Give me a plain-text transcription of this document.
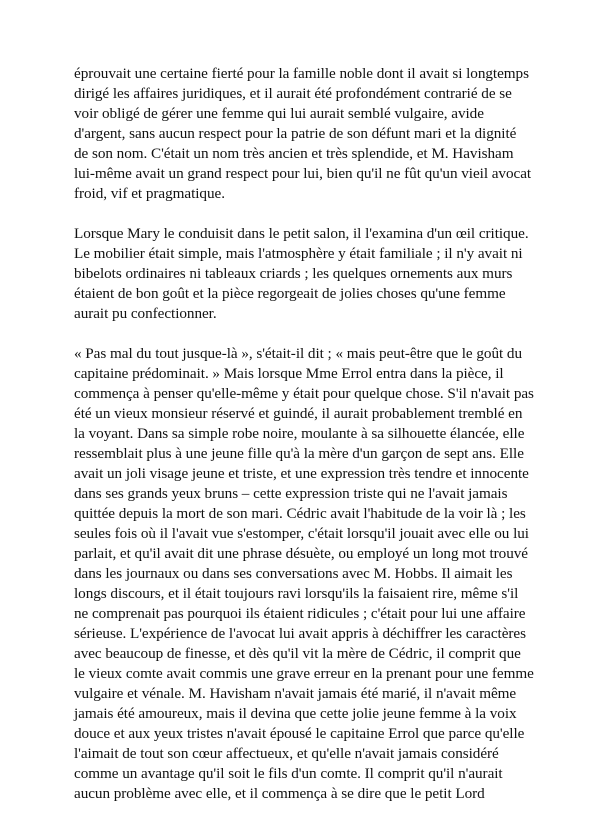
éprouvait une certaine fierté pour la famille noble dont il avait si longtemps
dirigé les affaires juridiques, et il aurait été profondément contrarié de se
voir obligé de gérer une femme qui lui aurait semblé vulgaire, avide
d'argent, sans aucun respect pour la patrie de son défunt mari et la dignité
de son nom. C'était un nom très ancien et très splendide, et M. Havisham
lui-même avait un grand respect pour lui, bien qu'il ne fût qu'un vieil avocat
froid, vif et pragmatique.

Lorsque Mary le conduisit dans le petit salon, il l'examina d'un œil critique.
Le mobilier était simple, mais l'atmosphère y était familiale ; il n'y avait ni
bibelots ordinaires ni tableaux criards ; les quelques ornements aux murs
étaient de bon goût et la pièce regorgeait de jolies choses qu'une femme
aurait pu confectionner.

« Pas mal du tout jusque-là », s'était-il dit ; « mais peut-être que le goût du
capitaine prédominait. » Mais lorsque Mme Errol entra dans la pièce, il
commença à penser qu'elle-même y était pour quelque chose. S'il n'avait pas
été un vieux monsieur réservé et guindé, il aurait probablement tremblé en
la voyant. Dans sa simple robe noire, moulante à sa silhouette élancée, elle
ressemblait plus à une jeune fille qu'à la mère d'un garçon de sept ans. Elle
avait un joli visage jeune et triste, et une expression très tendre et innocente
dans ses grands yeux bruns – cette expression triste qui ne l'avait jamais
quittée depuis la mort de son mari. Cédric avait l'habitude de la voir là ; les
seules fois où il l'avait vue s'estomper, c'était lorsqu'il jouait avec elle ou lui
parlait, et qu'il avait dit une phrase désuète, ou employé un long mot trouvé
dans les journaux ou dans ses conversations avec M. Hobbs. Il aimait les
longs discours, et il était toujours ravi lorsqu'ils la faisaient rire, même s'il
ne comprenait pas pourquoi ils étaient ridicules ; c'était pour lui une affaire
sérieuse. L'expérience de l'avocat lui avait appris à déchiffrer les caractères
avec beaucoup de finesse, et dès qu'il vit la mère de Cédric, il comprit que
le vieux comte avait commis une grave erreur en la prenant pour une femme
vulgaire et vénale. M. Havisham n'avait jamais été marié, il n'avait même
jamais été amoureux, mais il devina que cette jolie jeune femme à la voix
douce et aux yeux tristes n'avait épousé le capitaine Errol que parce qu'elle
l'aimait de tout son cœur affectueux, et qu'elle n'avait jamais considéré
comme un avantage qu'il soit le fils d'un comte. Il comprit qu'il n'aurait
aucun problème avec elle, et il commença à se dire que le petit Lord
